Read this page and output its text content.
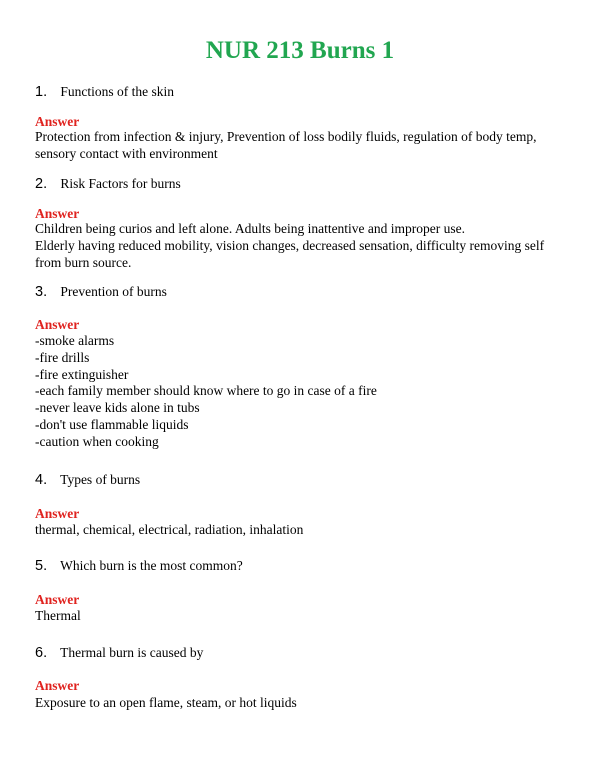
NUR 213 Burns 1
1. Functions of the skin
Answer
Protection from infection & injury, Prevention of loss bodily fluids, regulation of body temp,
sensory contact with environment
2. Risk Factors for burns
Answer
Children being curios and left alone. Adults being inattentive and improper use.
Elderly having reduced mobility, vision changes, decreased sensation, difficulty removing self
from burn source.
3. Prevention of burns
Answer
-smoke alarms
-fire drills
-fire extinguisher
-each family member should know where to go in case of a fire
-never leave kids alone in tubs
-don't use flammable liquids
-caution when cooking
4. Types of burns
Answer
thermal, chemical, electrical, radiation, inhalation
5. Which burn is the most common?
Answer
Thermal
6. Thermal burn is caused by
Answer
Exposure to an open flame, steam, or hot liquids
